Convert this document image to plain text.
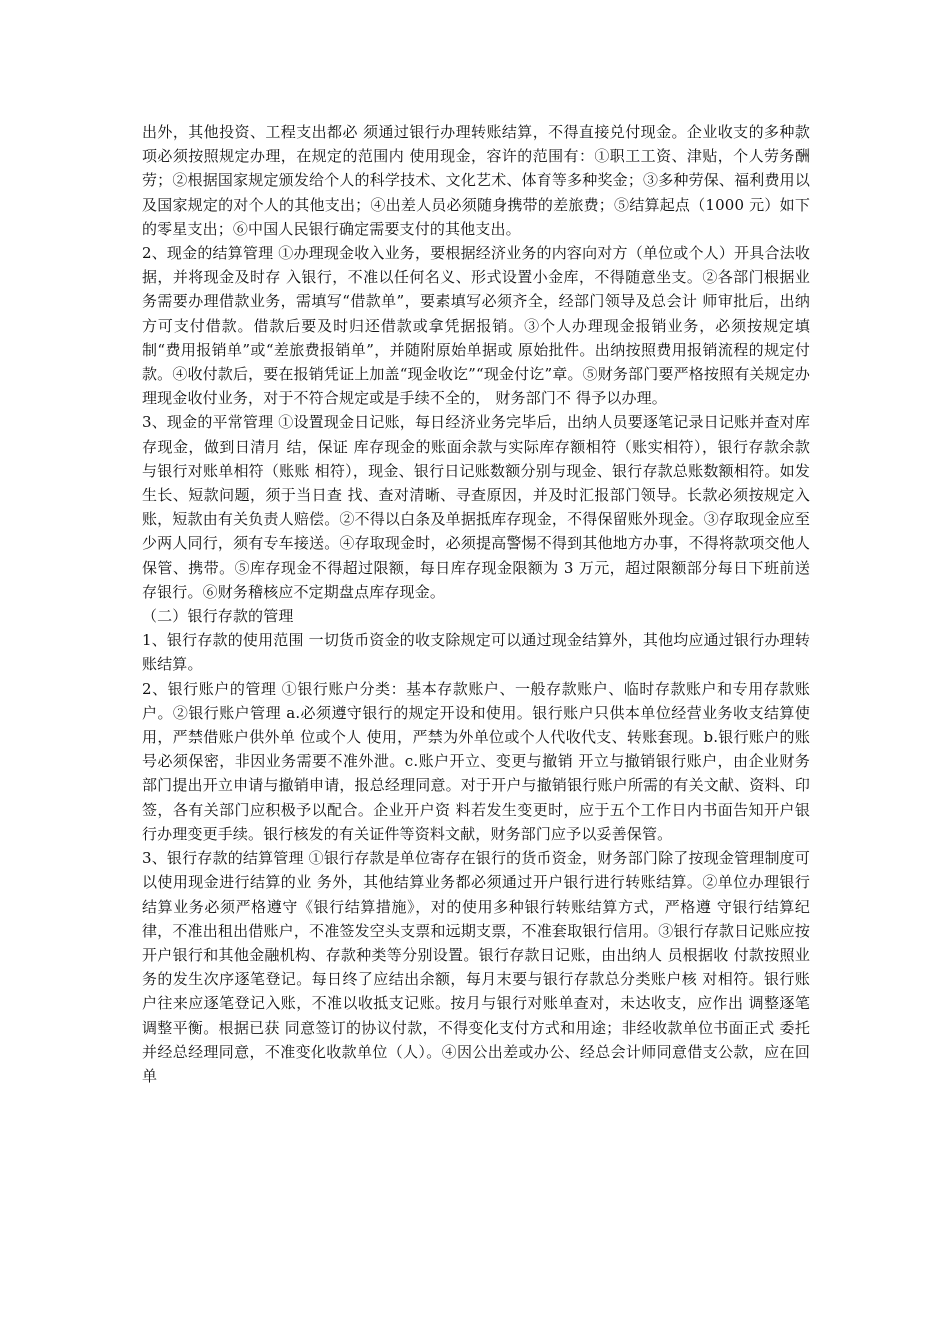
出外，其他投资、工程支出都必 须通过银行办理转账结算，不得直接兑付现金。企业收支的多种款项必须按照规定办理，在规定的范围内 使用现金，容许的范围有：①职工工资、津贴，个人劳务酬劳；②根据国家规定颁发给个人的科学技术、文化艺术、体育等多种奖金；③多种劳保、福利费用以及国家规定的对个人的其他支出；④出差人员必须随身携带的差旅费；⑤结算起点（1000 元）如下的零星支出；⑥中国人民银行确定需要支付的其他支出。

2、现金的结算管理 ①办理现金收入业务，要根据经济业务的内容向对方（单位或个人）开具合法收据，并将现金及时存 入银行，不准以任何名义、形式设置小金库，不得随意坐支。②各部门根据业务需要办理借款业务，需填写“借款单”，要素填写必须齐全，经部门领导及总会计 师审批后，出纳方可支付借款。借款后要及时归还借款或拿凭据报销。③个人办理现金报销业务，必须按规定填制“费用报销单”或“差旅费报销单”，并随附原始单据或 原始批件。出纳按照费用报销流程的规定付款。④收付款后，要在报销凭证上加盖“现金收讫”“现金付讫”章。⑤财务部门要严格按照有关规定办理现金收付业务，对于不符合规定或是手续不全的， 财务部门不 得予以办理。

3、现金的平常管理 ①设置现金日记账，每日经济业务完毕后，出纳人员要逐笔记录日记账并查对库存现金，做到日清月 结，保证 库存现金的账面余款与实际库存额相符（账实相符），银行存款余款与银行对账单相符（账账 相符），现金、银行日记账数额分别与现金、银行存款总账数额相符。如发生长、短款问题，须于当日查 找、查对清晰、寻查原因，并及时汇报部门领导。长款必须按规定入账，短款由有关负责人赔偿。②不得以白条及单据抵库存现金，不得保留账外现金。③存取现金应至少两人同行，须有专车接送。④存取现金时，必须提高警惕不得到其他地方办事，不得将款项交他人保管、携带。⑤库存现金不得超过限额，每日库存现金限额为 3 万元，超过限额部分每日下班前送存银行。⑥财务稽核应不定期盘点库存现金。

（二）银行存款的管理

1、银行存款的使用范围 一切货币资金的收支除规定可以通过现金结算外，其他均应通过银行办理转账结算。

2、银行账户的管理 ①银行账户分类：基本存款账户、一般存款账户、临时存款账户和专用存款账户。②银行账户管理 a.必须遵守银行的规定开设和使用。银行账户只供本单位经营业务收支结算使用，严禁借账户供外单 位或个人 使用，严禁为外单位或个人代收代支、转账套现。b.银行账户的账号必须保密，非因业务需要不准外泄。c.账户开立、变更与撤销 开立与撤销银行账户，由企业财务部门提出开立申请与撤销申请，报总经理同意。对于开户与撤销银行账户所需的有关文献、资料、印签，各有关部门应积极予以配合。企业开户资 料若发生变更时，应于五个工作日内书面告知开户银行办理变更手续。银行核发的有关证件等资料文献，财务部门应予以妥善保管。

3、银行存款的结算管理 ①银行存款是单位寄存在银行的货币资金，财务部门除了按现金管理制度可以使用现金进行结算的业 务外，其他结算业务都必须通过开户银行进行转账结算。②单位办理银行结算业务必须严格遵守《银行结算措施》，对的使用多种银行转账结算方式，严格遵 守银行结算纪律，不准出租出借账户，不准签发空头支票和远期支票，不准套取银行信用。③银行存款日记账应按开户银行和其他金融机构、存款种类等分别设置。银行存款日记账，由出纳人 员根据收 付款按照业务的发生次序逐笔登记。每日终了应结出余额，每月末要与银行存款总分类账户核 对相符。银行账户往来应逐笔登记入账，不准以收抵支记账。按月与银行对账单查对，未达收支，应作出 调整逐笔调整平衡。根据已获 同意签订的协议付款，不得变化支付方式和用途；非经收款单位书面正式 委托并经总经理同意，不准变化收款单位（人）。④因公出差或办公、经总会计师同意借支公款，应在回单
